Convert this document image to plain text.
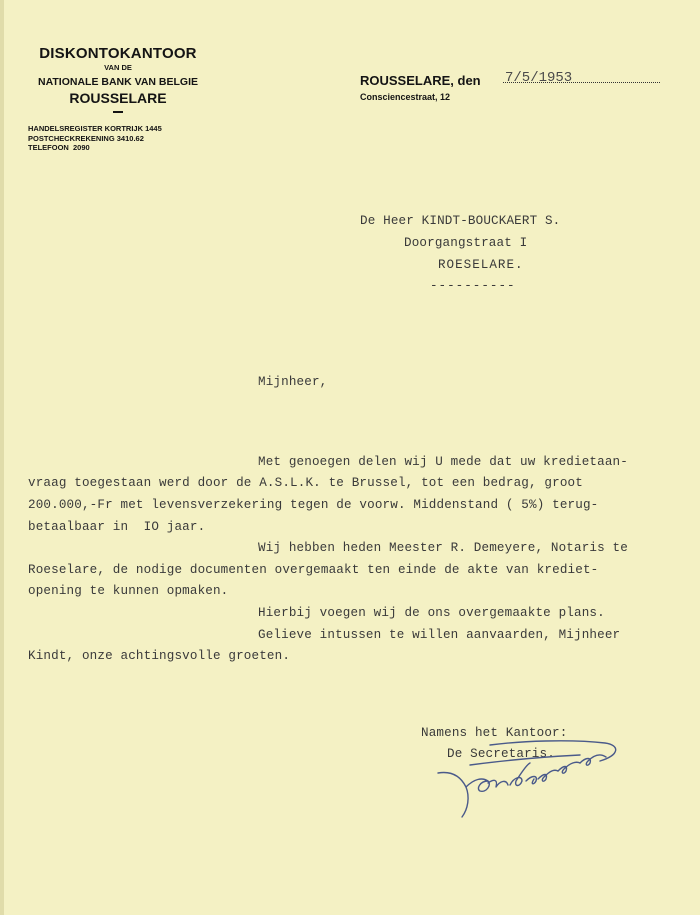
DISKONTOKANTOOR
VAN DE
NATIONALE BANK VAN BELGIE
ROUSSELARE
HANDELSREGISTER KORTRIJK 1445
POSTCHECKREKENING 3410.62
TELEFOON  2090
ROUSSELARE, den 7/5/1953
Consciencestraat, 12
De Heer KINDT-BOUCKAERT S.
Doorgangstraat I
ROESELARE.
----------
Mijnheer,
Met genoegen delen wij U mede dat uw kredietaan-
vraag toegestaan werd door de A.S.L.K. te Brussel, tot een bedrag, groot
200.000,-Fr met levensverzekering tegen de voorw. Middenstand ( 5%) terug-
betaalbaar in  IO jaar.
Wij hebben heden Meester R. Demeyere, Notaris te
Roeselare, de nodige documenten overgemaakt ten einde de akte van krediet-
opening te kunnen opmaken.
Hierbij voegen wij de ons overgemaakte plans.
Gelieve intussen te willen aanvaarden, Mijnheer
Kindt, onze achtingsvolle groeten.
Namens het Kantoor:
De Secretaris.
